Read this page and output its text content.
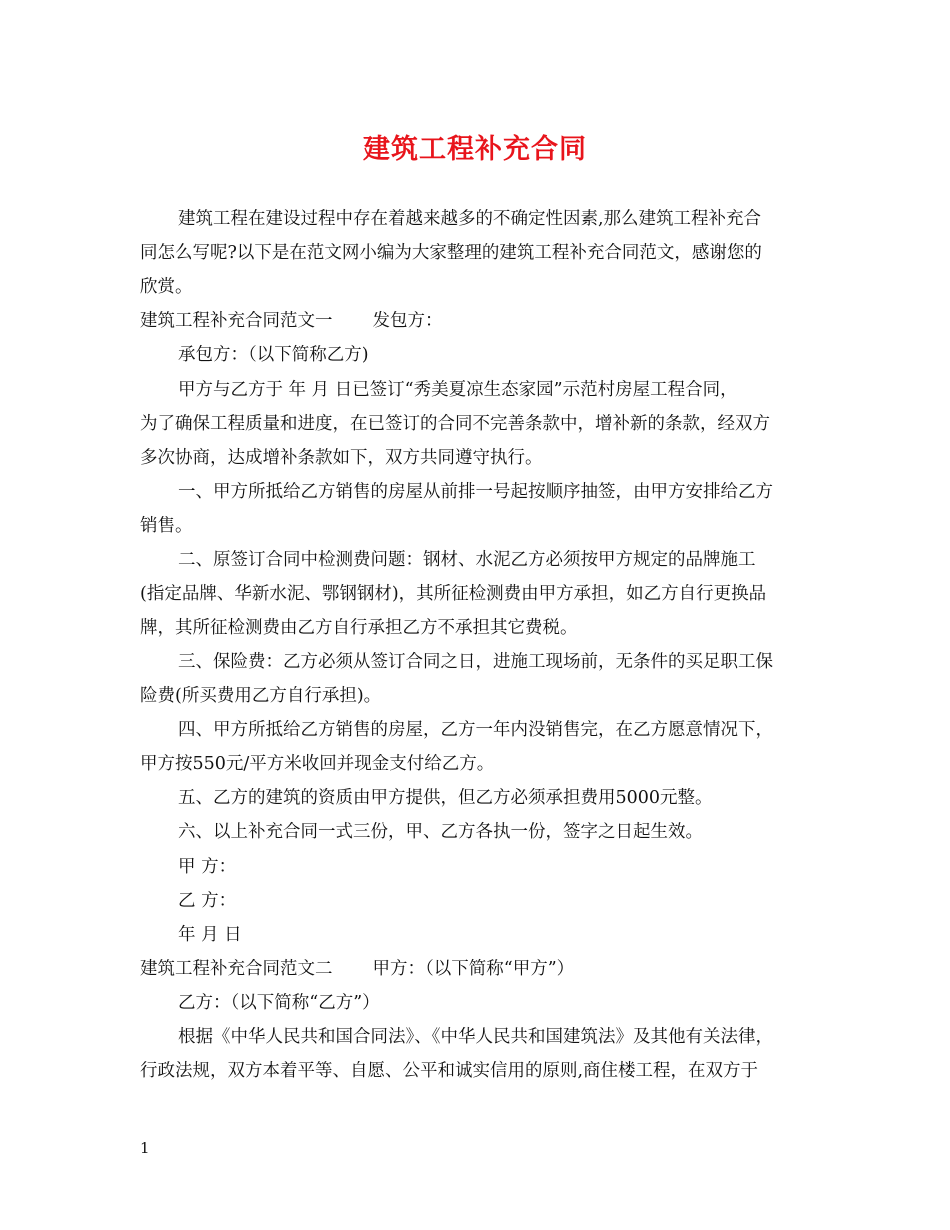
建筑工程补充合同
建筑工程在建设过程中存在着越来越多的不确定性因素,那么建筑工程补充合
同怎么写呢?以下是在范文网小编为大家整理的建筑工程补充合同范文，感谢您的
欣赏。
建筑工程补充合同范文一 发包方：
承包方：（以下简称乙方)
甲方与乙方于 年 月 日已签订“秀美夏凉生态家园”示范村房屋工程合同，
为了确保工程质量和进度，在已签订的合同不完善条款中，增补新的条款，经双方
多次协商，达成增补条款如下，双方共同遵守执行。
一、甲方所抵给乙方销售的房屋从前排一号起按顺序抽签，由甲方安排给乙方
销售。
二、原签订合同中检测费问题：钢材、水泥乙方必须按甲方规定的品牌施工
(指定品牌、华新水泥、鄂钢钢材)，其所征检测费由甲方承担，如乙方自行更换品
牌，其所征检测费由乙方自行承担乙方不承担其它费税。
三、保险费：乙方必须从签订合同之日，进施工现场前，无条件的买足职工保
险费(所买费用乙方自行承担)。
四、甲方所抵给乙方销售的房屋，乙方一年内没销售完，在乙方愿意情况下，
甲方按550元/平方米收回并现金支付给乙方。
五、乙方的建筑的资质由甲方提供，但乙方必须承担费用5000元整。
六、以上补充合同一式三份，甲、乙方各执一份，签字之日起生效。
甲 方：
乙 方：
年 月 日
建筑工程补充合同范文二 甲方：（以下简称“甲方”）
乙方：（以下简称“乙方”）
根据《中华人民共和国合同法》、《中华人民共和国建筑法》及其他有关法律，
行政法规，双方本着平等、自愿、公平和诚实信用的原则,商住楼工程，在双方于
1
